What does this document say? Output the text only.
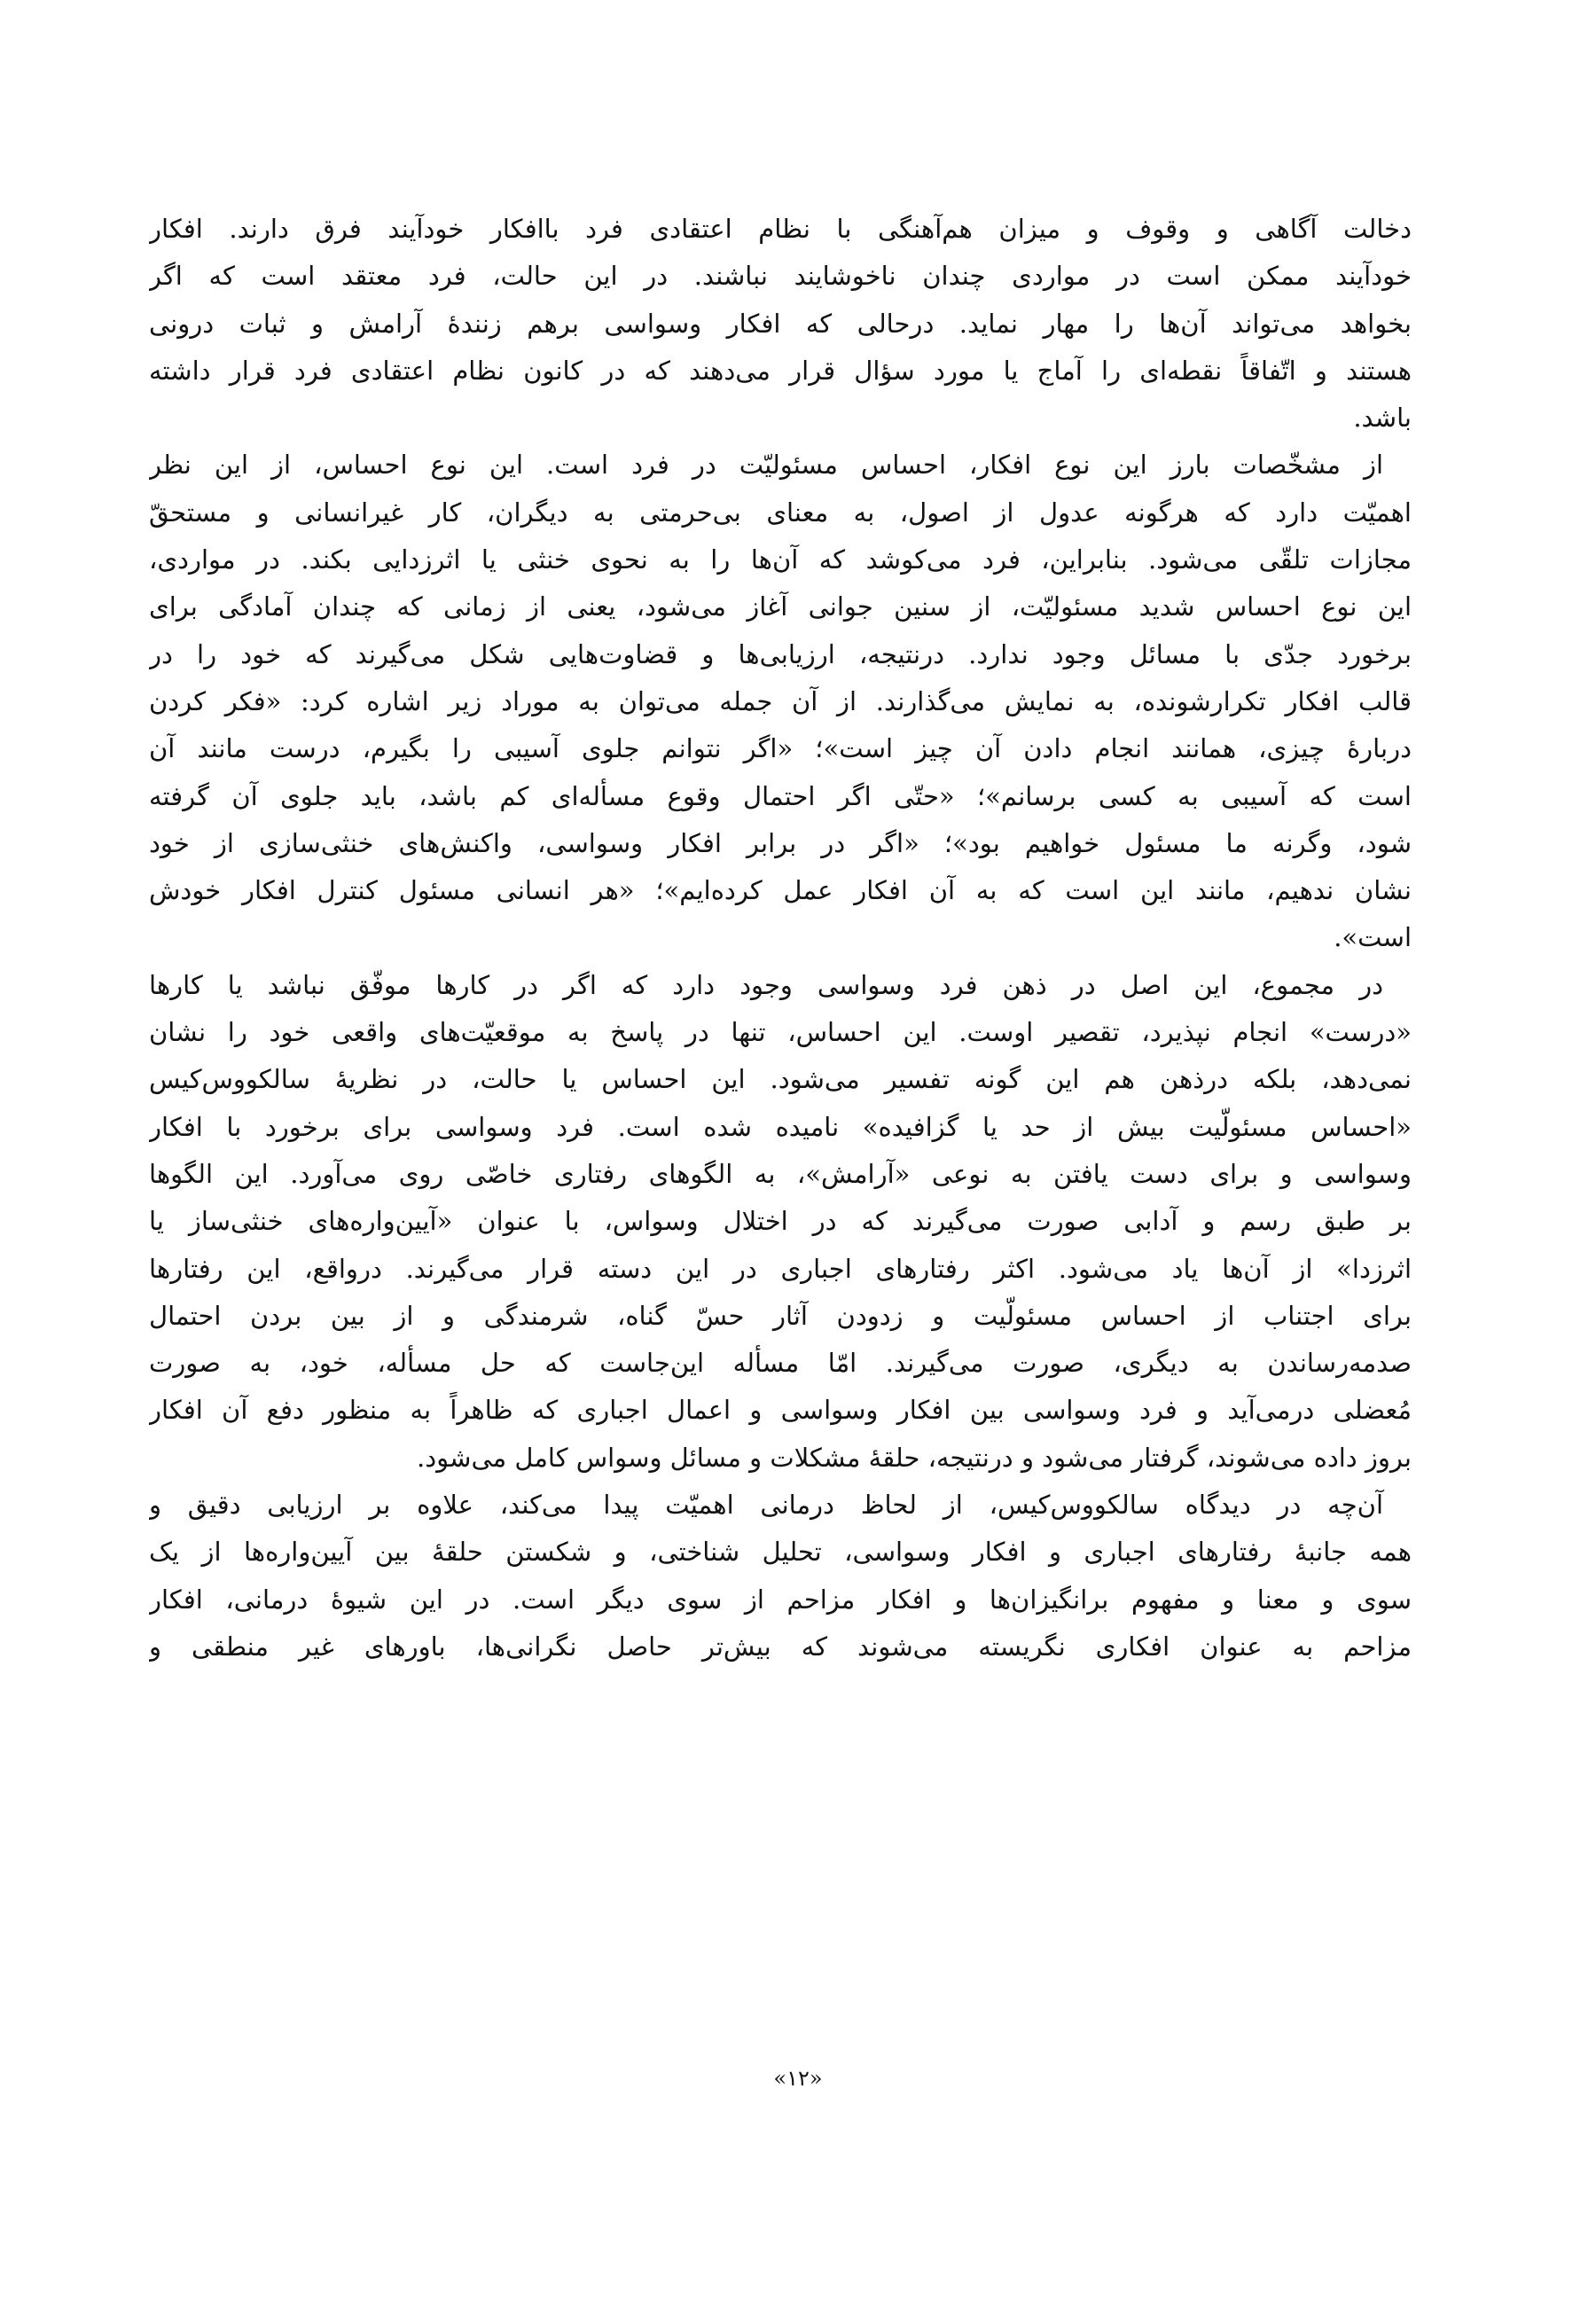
دخالت آگاهی و وقوف و میزان هم‌آهنگی با نظام اعتقادی فرد باافکار خودآیند فرق دارند. افکار
خودآیند ممکن است در مواردی چندان ناخوشایند نباشند. در این حالت، فرد معتقد است که اگر
بخواهد می‌تواند آن‌ها را مهار نماید. درحالی که افکار وسواسی برهم زنندهٔ آرامش و ثبات درونی
هستند و اتّفاقاً نقطه‌ای را آماج یا مورد سؤال قرار می‌دهند که در کانون نظام اعتقادی فرد قرار داشته
باشد.
از مشخّصات بارز این نوع افکار، احساس مسئولیّت در فرد است. این نوع احساس، از این نظر
اهمیّت دارد که هرگونه عدول از اصول، به معنای بی‌حرمتی به دیگران، کار غیرانسانی و مستحقّ
مجازات تلقّی می‌شود. بنابراین، فرد می‌کوشد که آن‌ها را به نحوی خنثی یا اثرزدایی بکند. در مواردی،
این نوع احساس شدید مسئولیّت، از سنین جوانی آغاز می‌شود، یعنی از زمانی که چندان آمادگی برای
برخورد جدّی با مسائل وجود ندارد. درنتیجه، ارزیابی‌ها و قضاوت‌هایی شکل می‌گیرند که خود را در
قالب افکار تکرارشونده، به نمایش می‌گذارند. از آن جمله می‌توان به موراد زیر اشاره کرد: «فکر کردن
دربارهٔ چیزی، همانند انجام دادن آن چیز است»؛ «اگر نتوانم جلوی آسیبی را بگیرم، درست مانند آن
است که آسیبی به کسی برسانم»؛ «حتّی اگر احتمال وقوع مسأله‌ای کم باشد، باید جلوی آن گرفته
شود، وگرنه ما مسئول خواهیم بود»؛ «اگر در برابر افکار وسواسی، واکنش‌های خنثی‌سازی از خود
نشان ندهیم، مانند این است که به آن افکار عمل کرده‌ایم»؛ «هر انسانی مسئول کنترل افکار خودش
است».
در مجموع، این اصل در ذهن فرد وسواسی وجود دارد که اگر در کارها موفّق نباشد یا کارها
«درست» انجام نپذیرد، تقصیر اوست. این احساس، تنها در پاسخ به موقعیّت‌های واقعی خود را نشان
نمی‌دهد، بلکه درذهن هم این گونه تفسیر می‌شود. این احساس یا حالت، در نظریهٔ سالکووس‌کیس
«احساس مسئولّیت بیش از حد یا گزافیده» نامیده شده است. فرد وسواسی برای برخورد با افکار
وسواسی و برای دست یافتن به نوعی «آرامش»، به الگوهای رفتاری خاصّی روی می‌آورد. این الگوها
بر طبق رسم و آدابی صورت می‌گیرند که در اختلال وسواس، با عنوان «آیین‌واره‌های خنثی‌ساز یا
اثرزدا» از آن‌ها یاد می‌شود. اکثر رفتارهای اجباری در این دسته قرار می‌گیرند. درواقع، این رفتارها
برای اجتناب از احساس مسئولّیت و زدودن آثار حسّ گناه، شرمندگی و از بین بردن احتمال
صدمه‌رساندن به دیگری، صورت می‌گیرند. امّا مسأله این‌جاست که حل مسأله، خود، به صورت
مُعضلی درمی‌آید و فرد وسواسی بین افکار وسواسی و اعمال اجباری که ظاهراً به منظور دفع آن افکار
بروز داده می‌شوند، گرفتار می‌شود و درنتیجه، حلقهٔ مشکلات و مسائل وسواس کامل می‌شود.
آن‌چه در دیدگاه سالکووس‌کیس، از لحاظ درمانی اهمیّت پیدا می‌کند، علاوه بر ارزیابی دقیق و
همه جانبهٔ رفتارهای اجباری و افکار وسواسی، تحلیل شناختی، و شکستن حلقهٔ بین آیین‌واره‌ها از یک
سوی و معنا و مفهوم برانگیزان‌ها و افکار مزاحم از سوی دیگر است. در این شیوهٔ درمانی، افکار
مزاحم به عنوان افکاری نگریسته می‌شوند که بیش‌تر حاصل نگرانی‌ها، باورهای غیر منطقی و
«۱۲»
